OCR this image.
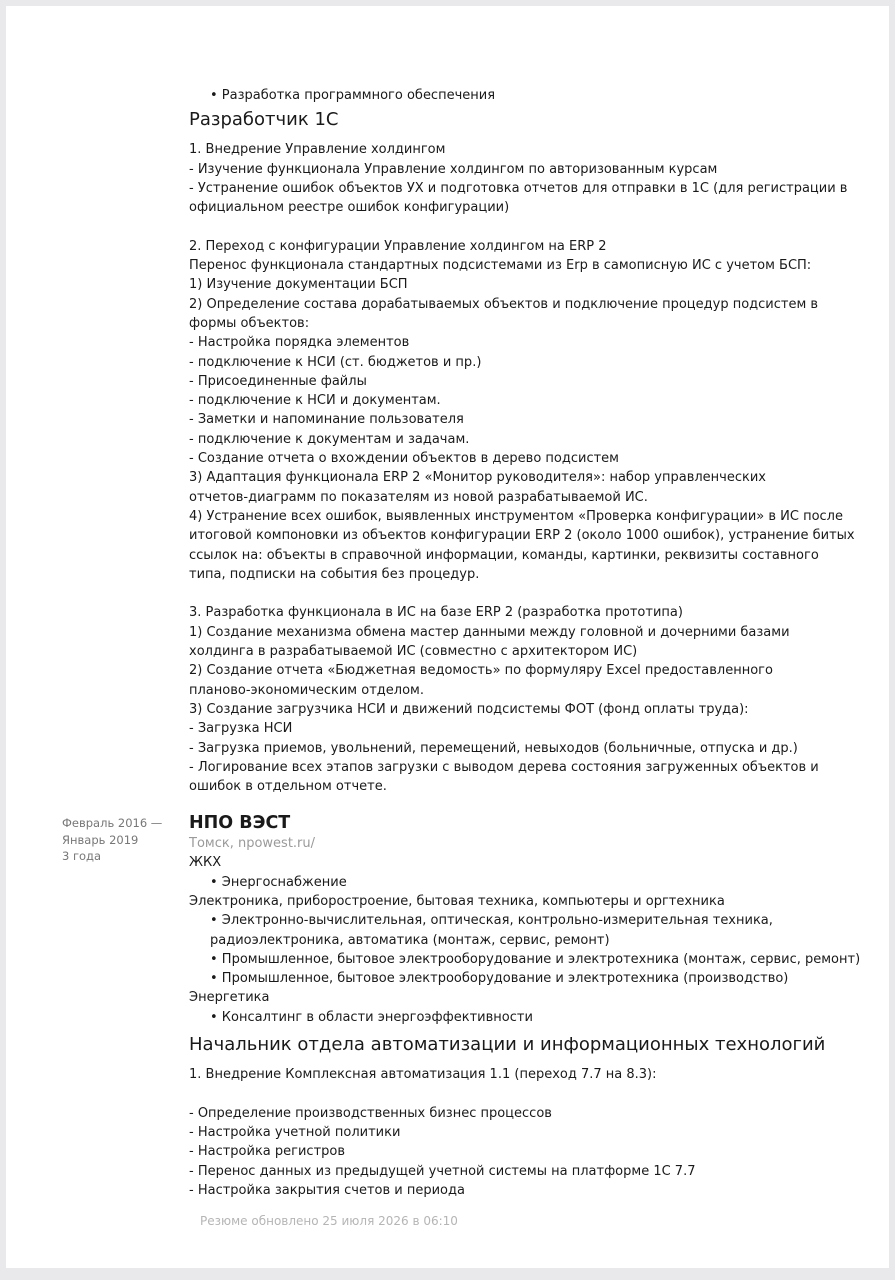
Февраль 2016 —
Январь 2019
3 года
• Разработка программного обеспечения
Разработчик 1С
1. Внедрение Управление холдингом
- Изучение функционала Управление холдингом по авторизованным курсам
- Устранение ошибок объектов УХ и подготовка отчетов для отправки в 1С (для регистрации в
официальном реестре ошибок конфигурации)
2. Переход с конфигурации Управление холдингом на ERP 2
Перенос функционала стандартных подсистемами из Erp в самописную ИС с учетом БСП:
1) Изучение документации БСП
2) Определение состава дорабатываемых объектов и подключение процедур подсистем в
формы объектов:
- Настройка порядка элементов
- подключение к НСИ (ст. бюджетов и пр.)
- Присоединенные файлы
- подключение к НСИ и документам.
- Заметки и напоминание пользователя
- подключение к документам и задачам.
- Создание отчета о вхождении объектов в дерево подсистем
3) Адаптация функционала ERP 2 «Монитор руководителя»: набор управленческих
отчетов-диаграмм по показателям из новой разрабатываемой ИС.
4) Устранение всех ошибок, выявленных инструментом «Проверка конфигурации» в ИС после
итоговой компоновки из объектов конфигурации ERP 2 (около 1000 ошибок), устранение битых
ссылок на: объекты в справочной информации, команды, картинки, реквизиты составного
типа, подписки на события без процедур.
3. Разработка функционала в ИС на базе ERP 2 (разработка прототипа)
1) Создание механизма обмена мастер данными между головной и дочерними базами
холдинга в разрабатываемой ИС (совместно с архитектором ИС)
2) Создание отчета «Бюджетная ведомость» по формуляру Excel предоставленного
планово-экономическим отделом.
3) Создание загрузчика НСИ и движений подсистемы ФОТ (фонд оплаты труда):
- Загрузка НСИ
- Загрузка приемов, увольнений, перемещений, невыходов (больничные, отпуска и др.)
- Логирование всех этапов загрузки с выводом дерева состояния загруженных объектов и
ошибок в отдельном отчете.
НПО ВЭСТ
Томск, npowest.ru/
ЖКХ
• Энергоснабжение
Электроника, приборостроение, бытовая техника, компьютеры и оргтехника
• Электронно-вычислительная, оптическая, контрольно-измерительная техника,
радиоэлектроника, автоматика (монтаж, сервис, ремонт)
• Промышленное, бытовое электрооборудование и электротехника (монтаж, сервис, ремонт)
• Промышленное, бытовое электрооборудование и электротехника (производство)
Энергетика
• Консалтинг в области энергоэффективности
Начальник отдела автоматизации и информационных технологий
1. Внедрение Комплексная автоматизация 1.1 (переход 7.7 на 8.3):
- Определение производственных бизнес процессов
- Настройка учетной политики
- Настройка регистров
- Перенос данных из предыдущей учетной системы на платформе 1С 7.7
- Настройка закрытия счетов и периода
Резюме обновлено 25 июля 2026 в 06:10
